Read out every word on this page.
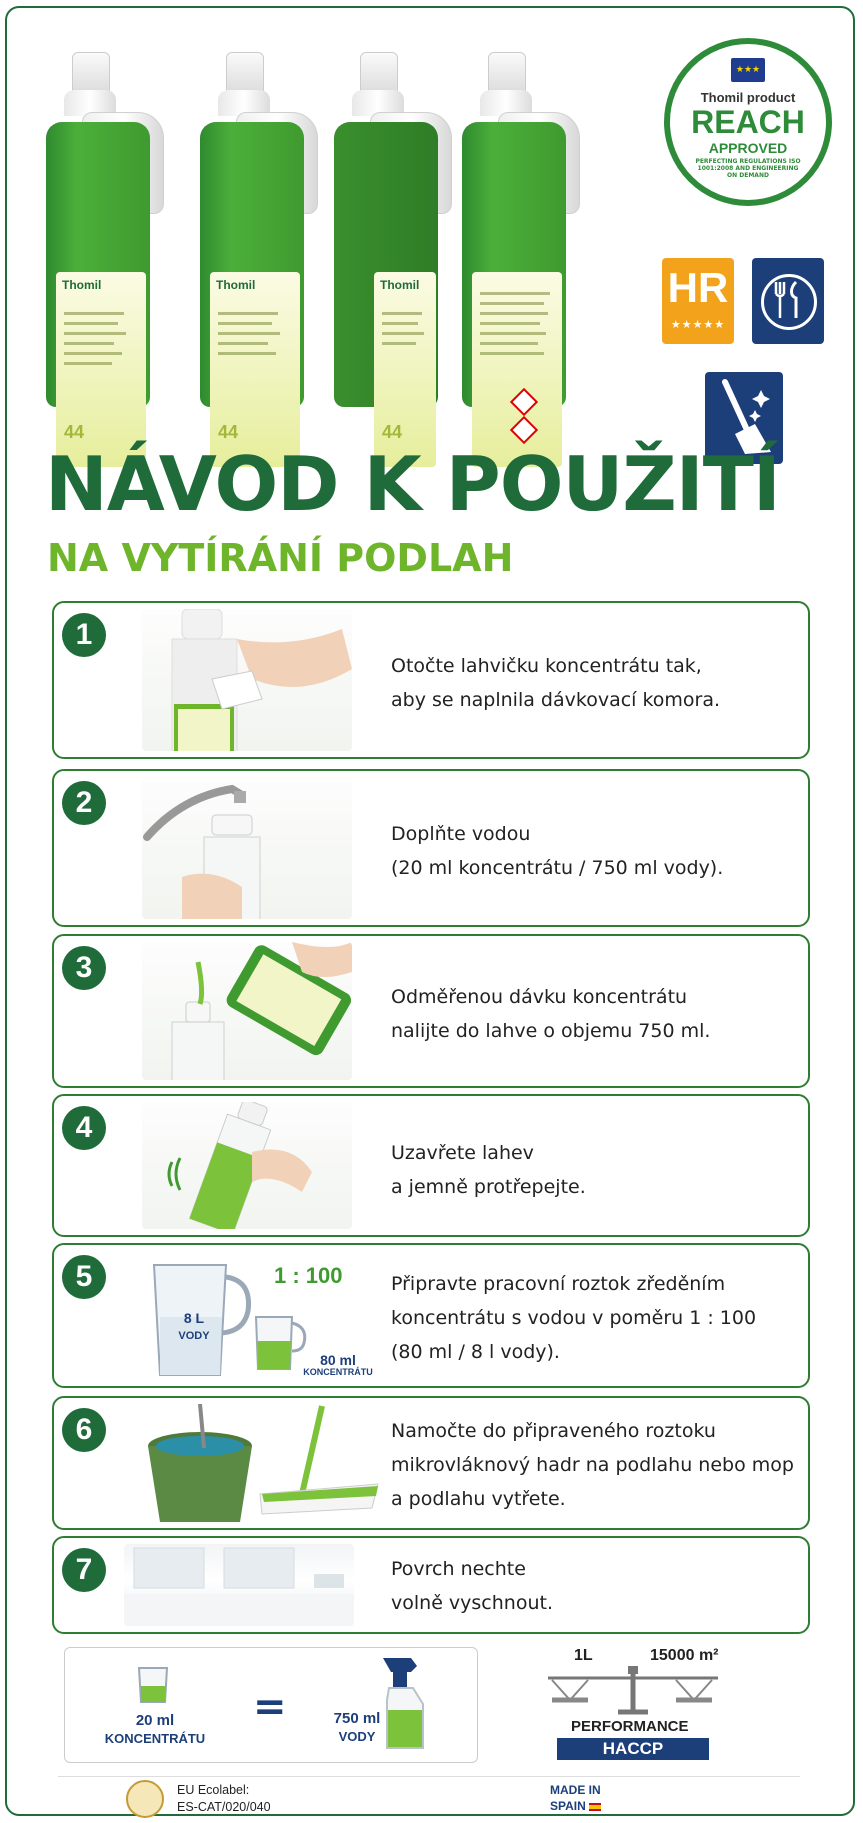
Thomil
44
Thomil
44
Thomil
44
★★★
Thomil product
REACH
APPROVED
PERFECTING REGULATIONS ISO 1001:2008 AND ENGINEERING ON DEMAND
HR
★★★★★
NÁVOD K POUŽITÍ
NA VYTÍRÁNÍ PODLAH
1
Otočte lahvičku koncentrátu tak,
aby se naplnila dávkovací komora.
2
Doplňte vodou
(20 ml koncentrátu / 750 ml vody).
3
Odměřenou dávku koncentrátu
nalijte do lahve o objemu 750 ml.
4
Uzavřete lahev
a jemně protřepejte.
5
8 L
VODY
1 : 100
80 ml
KONCENTRÁTU
Připravte pracovní roztok zředěním
koncentrátu s vodou v poměru 1 : 100
(80 ml / 8 l vody).
6	Namočte do připraveného roztoku
mikrovláknový hadr na podlahu nebo mop
a podlahu vytřete.
7	Povrch nechte
volně vyschnout.
20 ml
KONCENTRÁTU
=	750 ml
VODY
1L	15000 m²
PERFORMANCE
HACCP
EU Ecolabel:
ES-CAT/020/040
MADE IN
SPAIN
